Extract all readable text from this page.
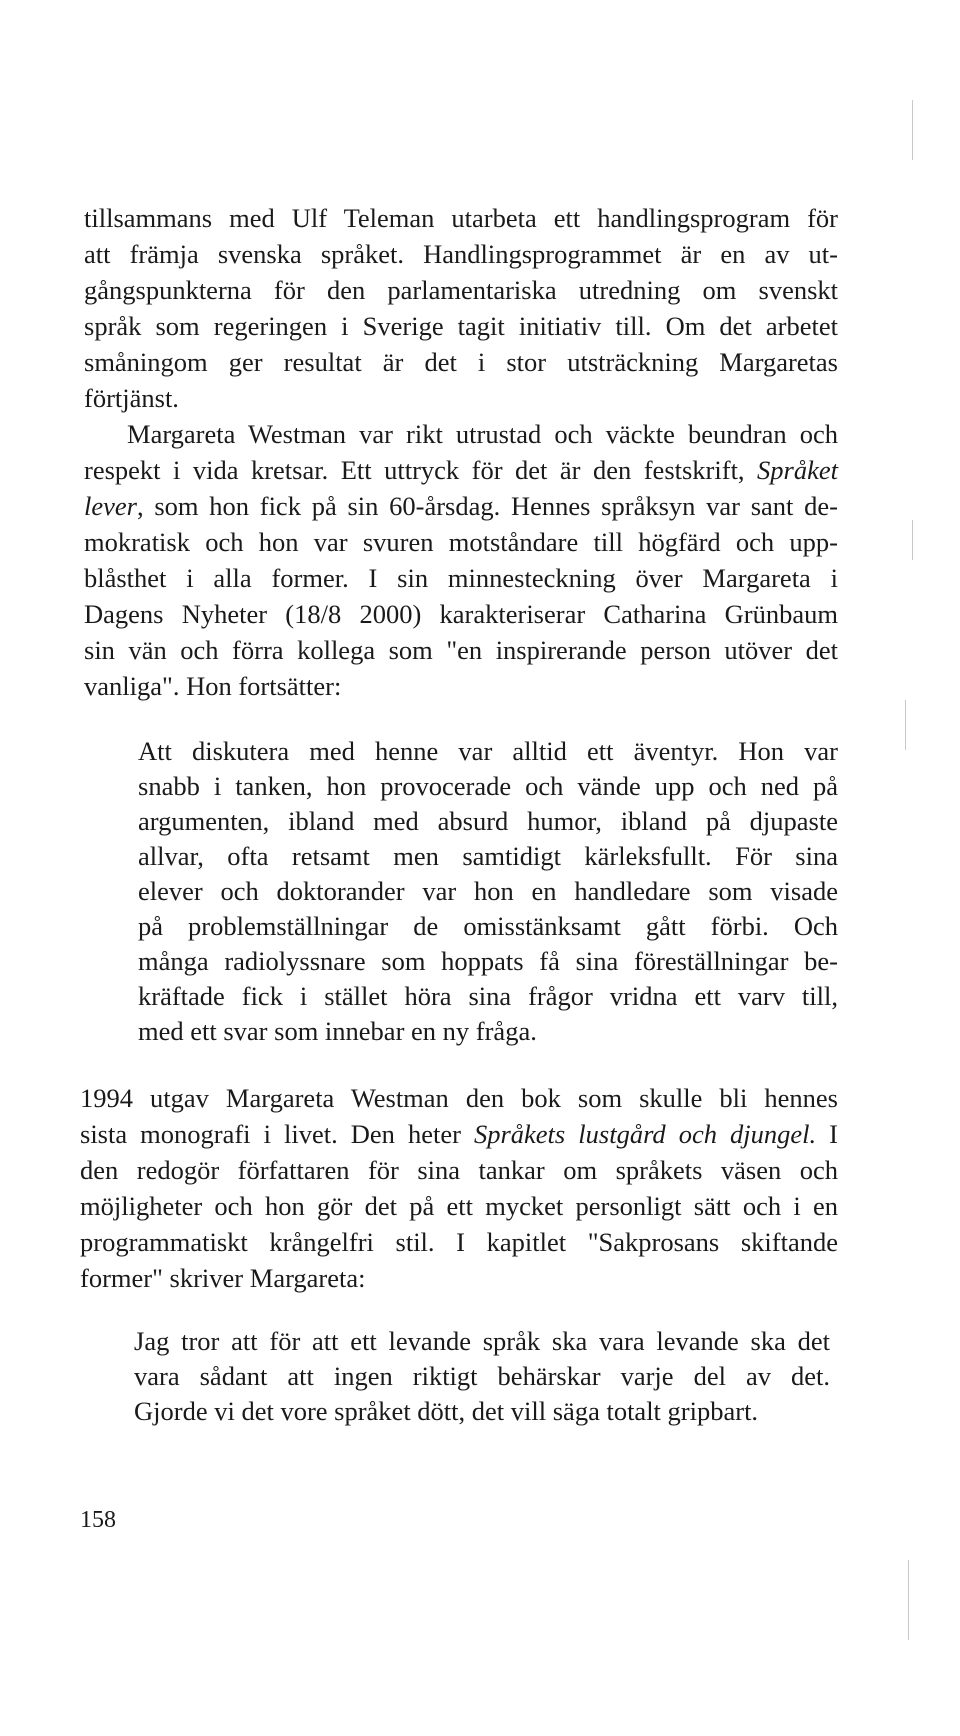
tillsammans med Ulf Teleman utarbeta ett handlingsprogram för
att främja svenska språket. Handlingsprogrammet är en av ut-
gångspunkterna för den parlamentariska utredning om svenskt
språk som regeringen i Sverige tagit initiativ till. Om det arbetet
småningom ger resultat är det i stor utsträckning Margaretas
förtjänst.
Margareta Westman var rikt utrustad och väckte beundran och
respekt i vida kretsar. Ett uttryck för det är den festskrift, Språket
lever, som hon fick på sin 60-årsdag. Hennes språksyn var sant de-
mokratisk och hon var svuren motståndare till högfärd och upp-
blåsthet i alla former. I sin minnesteckning över Margareta i
Dagens Nyheter (18/8 2000) karakteriserar Catharina Grünbaum
sin vän och förra kollega som "en inspirerande person utöver det
vanliga". Hon fortsätter:
Att diskutera med henne var alltid ett äventyr. Hon var
snabb i tanken, hon provocerade och vände upp och ned på
argumenten, ibland med absurd humor, ibland på djupaste
allvar, ofta retsamt men samtidigt kärleksfullt. För sina
elever och doktorander var hon en handledare som visade
på problemställningar de omisstänksamt gått förbi. Och
många radiolyssnare som hoppats få sina föreställningar be-
kräftade fick i stället höra sina frågor vridna ett varv till,
med ett svar som innebar en ny fråga.
1994 utgav Margareta Westman den bok som skulle bli hennes
sista monografi i livet. Den heter Språkets lustgård och djungel. I
den redogör författaren för sina tankar om språkets väsen och
möjligheter och hon gör det på ett mycket personligt sätt och i en
programmatiskt krångelfri stil. I kapitlet "Sakprosans skiftande
former" skriver Margareta:
Jag tror att för att ett levande språk ska vara levande ska det
vara sådant att ingen riktigt behärskar varje del av det.
Gjorde vi det vore språket dött, det vill säga totalt gripbart.
158
